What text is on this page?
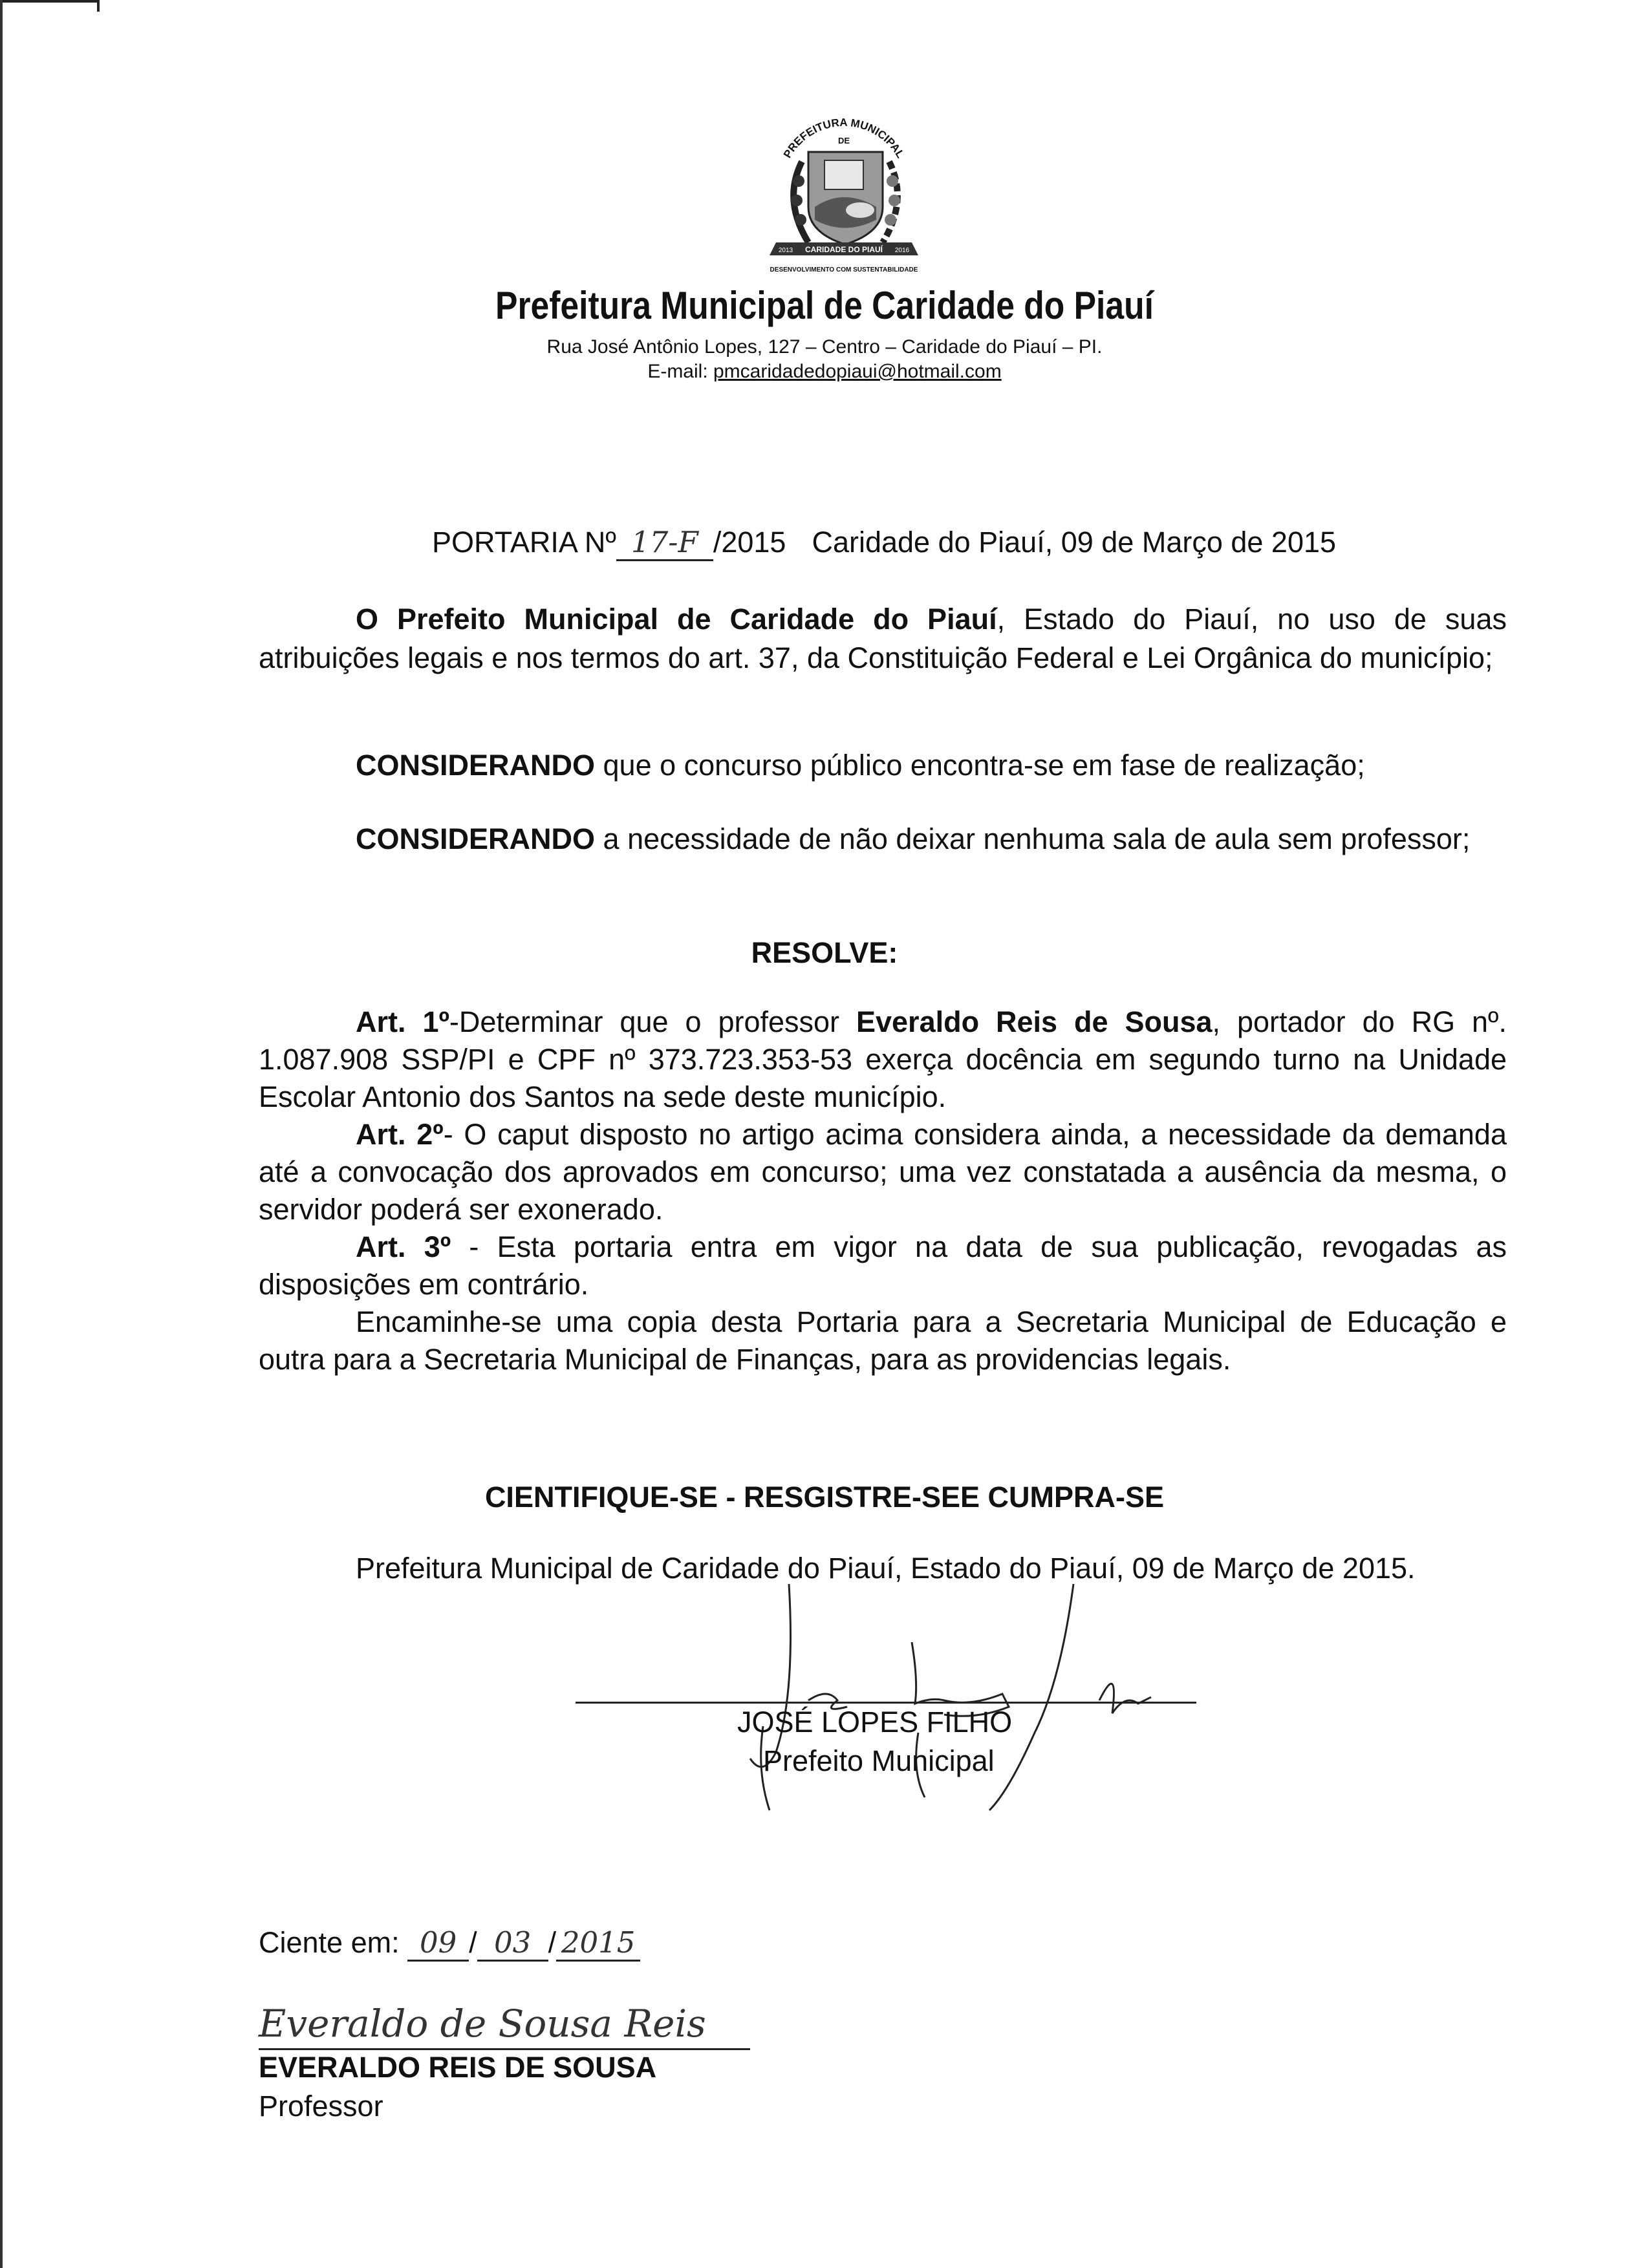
PREFEITURA MUNICIPAL
DE
CARIDADE DO PIAUÍ
2013	2016
DESENVOLVIMENTO COM SUSTENTABILIDADE
Prefeitura Municipal de Caridade do Piauí
Rua José Antônio Lopes, 127 – Centro – Caridade do Piauí – PI.
E-mail: pmcaridadedopiaui@hotmail.com
PORTARIA Nº 17-F /2015 Caridade do Piauí, 09 de Março de 2015
O Prefeito Municipal de Caridade do Piauí, Estado do Piauí, no uso de suas atribuições legais e nos termos do art. 37, da Constituição Federal e Lei Orgânica do município;
CONSIDERANDO que o concurso público encontra-se em fase de realização;
CONSIDERANDO a necessidade de não deixar nenhuma sala de aula sem professor;
RESOLVE:
Art. 1º-Determinar que o professor Everaldo Reis de Sousa, portador do RG nº. 1.087.908 SSP/PI e CPF nº 373.723.353-53 exerça docência em segundo turno na Unidade Escolar Antonio dos Santos na sede deste município.
Art. 2º- O caput disposto no artigo acima considera ainda, a necessidade da demanda até a convocação dos aprovados em concurso; uma vez constatada a ausência da mesma, o servidor poderá ser exonerado.
Art. 3º - Esta portaria entra em vigor na data de sua publicação, revogadas as disposições em contrário.
Encaminhe-se uma copia desta Portaria para a Secretaria Municipal de Educação e outra para a Secretaria Municipal de Finanças, para as providencias legais.
CIENTIFIQUE-SE - RESGISTRE-SEE CUMPRA-SE
Prefeitura Municipal de Caridade do Piauí, Estado do Piauí, 09 de Março de 2015.
JOSÉ LOPES FILHO
Prefeito Municipal
Ciente em: 09 / 03 / 2015
Everaldo de Sousa Reis
EVERALDO REIS DE SOUSA
Professor
